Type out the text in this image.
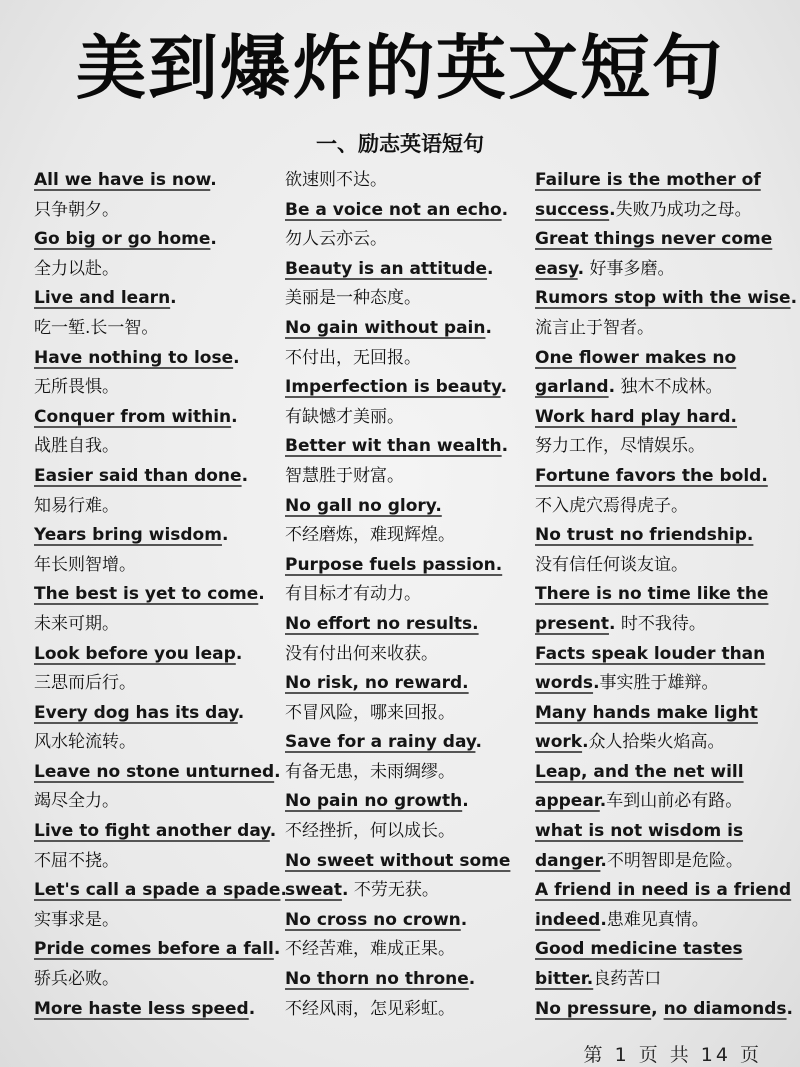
美到爆炸的英文短句
一、励志英语短句
All we have is now.
只争朝夕。
Go big or go home.
全力以赴。
Live and learn.
吃一堑.长一智。
Have nothing to lose.
无所畏惧。
Conquer from within.
战胜自我。
Easier said than done.
知易行难。
Years bring wisdom.
年长则智增。
The best is yet to come.
未来可期。
Look before you leap.
三思而后行。
Every dog has its day.
风水轮流转。
Leave no stone unturned.
竭尽全力。
Live to fight another day.
不屈不挠。
Let's call a spade a spade.
实事求是。
Pride comes before a fall.
骄兵必败。
More haste less speed.
欲速则不达。
Be a voice not an echo.
勿人云亦云。
Beauty is an attitude.
美丽是一种态度。
No gain without pain.
不付出，无回报。
Imperfection is beauty.
有缺憾才美丽。
Better wit than wealth.
智慧胜于财富。
No gall no glory.
不经磨炼，难现辉煌。
Purpose fuels passion.
有目标才有动力。
No effort no results.
没有付出何来收获。
No risk, no reward.
不冒风险，哪来回报。
Save for a rainy day.
有备无患，未雨绸缪。
No pain no growth.
不经挫折，何以成长。
No sweet without some
sweat. 不劳无获。
No cross no crown.
不经苦难，难成正果。
No thorn no throne.
不经风雨，怎见彩虹。
Failure is the mother of
success.失败乃成功之母。
Great things never come
easy. 好事多磨。
Rumors stop with the wise.
流言止于智者。
One flower makes no
garland. 独木不成林。
Work hard play hard.
努力工作，尽情娱乐。
Fortune favors the bold.
不入虎穴焉得虎子。
No trust no friendship.
没有信任何谈友谊。
There is no time like the
present. 时不我待。
Facts speak louder than
words.事实胜于雄辩。
Many hands make light
work.众人拾柴火焰高。
Leap, and the net will
appear.车到山前必有路。
what is not wisdom is
danger.不明智即是危险。
A friend in need is a friend
indeed.患难见真情。
Good medicine tastes
bitter.良药苦口
No pressure, no diamonds.
第 1 页 共 14 页
